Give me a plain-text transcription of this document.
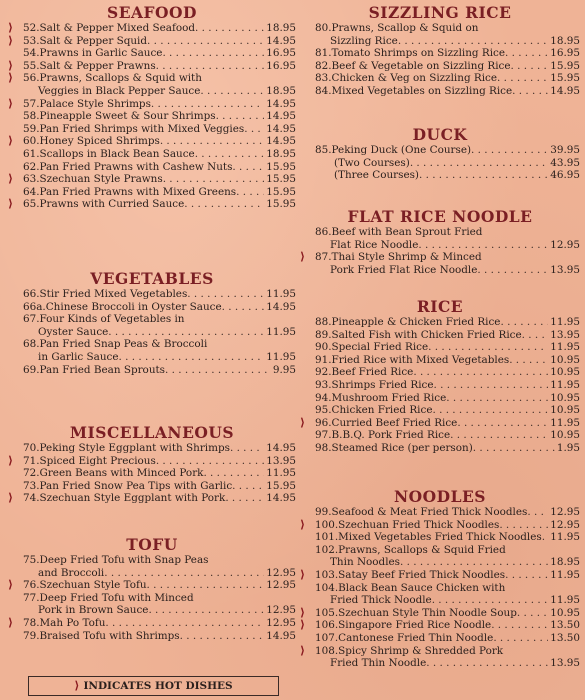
SEAFOOD
⟩ 52. Salt & Pepper Mixed Seafood . . .	18.95
⟩ 53. Salt & Pepper Squid . . .	14.95
54. Prawns in Garlic Sauce . . .	16.95
⟩ 55. Salt & Pepper Prawns . . .	16.95
⟩ 56. Prawns, Scallops & Squid with
Veggies in Black Pepper Sauce . . .	18.95
⟩ 57. Palace Style Shrimps . . .	14.95
58. Pineapple Sweet & Sour Shrimps . . .	14.95
59. Pan Fried Shrimps with Mixed Veggies . . . 14.95
⟩ 60. Honey Spiced Shrimps . . .	14.95
61. Scallops in Black Bean Sauce . . .	18.95
62. Pan Fried Prawns with Cashew Nuts . . .	15.95
⟩ 63. Szechuan Style Prawns . . .	15.95
64. Pan Fried Prawns with Mixed Greens . . .	15.95
⟩ 65. Prawns with Curried Sauce . . .	15.95
VEGETABLES
66. Stir Fried Mixed Vegetables . . .	11.95
66a. Chinese Broccoli in Oyster Sauce . . .	14.95
67. Four Kinds of Vegetables in
Oyster Sauce . . .	11.95
68. Pan Fried Snap Peas & Broccoli
in Garlic Sauce . . .	11.95
69. Pan Fried Bean Sprouts . . .	9.95
MISCELLANEOUS
70. Peking Style Eggplant with Shrimps . . .	14.95
⟩ 71. Spiced Eight Precious . . .	13.95
72. Green Beans with Minced Pork . . .	11.95
73. Pan Fried Snow Pea Tips with Garlic . . .	15.95
⟩ 74. Szechuan Style Eggplant with Pork . . .	14.95
TOFU
75. Deep Fried Tofu with Snap Peas
and Broccoli . . .	12.95
⟩ 76. Szechuan Style Tofu . . .	12.95
77. Deep Fried Tofu with Minced
Pork in Brown Sauce . . .	12.95
⟩ 78. Mah Po Tofu . . .	12.95
79. Braised Tofu with Shrimps . . .	14.95
SIZZLING RICE
80. Prawns, Scallop & Squid on
Sizzling Rice . . .	18.95
81. Tomato Shrimps on Sizzling Rice . . .	16.95
82. Beef & Vegetable on Sizzling Rice . . .	15.95
83. Chicken & Veg on Sizzling Rice . . .	15.95
84. Mixed Vegetables on Sizzling Rice . . .	14.95
DUCK
85. Peking Duck (One Course) . . .	39.95
(Two Courses) . . .	43.95
(Three Courses) . . .	46.95
FLAT RICE NOODLE
86. Beef with Bean Sprout Fried
Flat Rice Noodle . . .	12.95
⟩ 87. Thai Style Shrimp & Minced
Pork Fried Flat Rice Noodle . . .	13.95
RICE
88. Pineapple & Chicken Fried Rice . . .	11.95
89. Salted Fish with Chicken Fried Rice . . .	13.95
90. Special Fried Rice . . .	11.95
91. Fried Rice with Mixed Vegetables . . .	10.95
92. Beef Fried Rice . . .	10.95
93. Shrimps Fried Rice . . .	11.95
94. Mushroom Fried Rice . . .	10.95
95. Chicken Fried Rice . . .	10.95
⟩ 96. Curried Beef Fried Rice . . .	11.95
97. B.B.Q. Pork Fried Rice . . .	10.95
98. Steamed Rice (per person) . . .	1.95
NOODLES
99. Seafood & Meat Fried Thick Noodles . . . 12.95
⟩ 100. Szechuan Fried Thick Noodles . . .	12.95
101. Mixed Vegetables Fried Thick Noodles . . . 11.95
102. Prawns, Scallops & Squid Fried
Thin Noodles . . .	18.95
⟩ 103. Satay Beef Fried Thick Noodles . . .	11.95
104. Black Bean Sauce Chicken with
Fried Thick Noodle . . .	11.95
⟩ 105. Szechuan Style Thin Noodle Soup . . .	10.95
⟩ 106. Singapore Fried Rice Noodle . . .	13.50
107. Cantonese Fried Thin Noodle . . .	13.50
⟩ 108. Spicy Shrimp & Shredded Pork
Fried Thin Noodle . . .	13.95
⟩ INDICATES HOT DISHES
